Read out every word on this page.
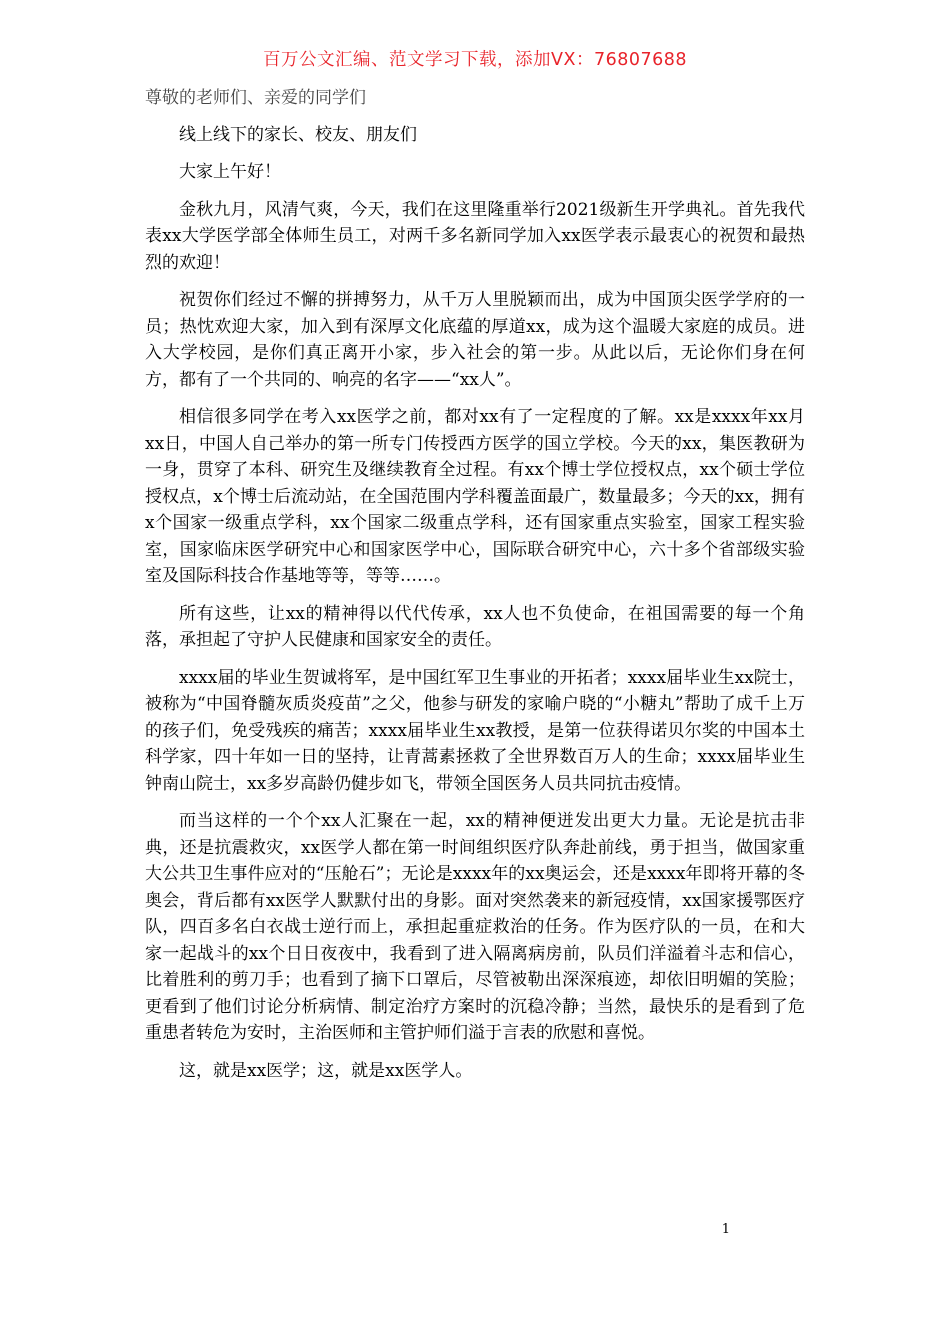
百万公文汇编、范文学习下载，添加VX：76807688

尊敬的老师们、亲爱的同学们

线上线下的家长、校友、朋友们

大家上午好！

金秋九月，风清气爽，今天，我们在这里隆重举行2021级新生开学典礼。首先我代表xx大学医学部全体师生员工，对两千多名新同学加入xx医学表示最衷心的祝贺和最热烈的欢迎！

祝贺你们经过不懈的拼搏努力，从千万人里脱颖而出，成为中国顶尖医学学府的一员；热忱欢迎大家，加入到有深厚文化底蕴的厚道xx，成为这个温暖大家庭的成员。进入大学校园，是你们真正离开小家，步入社会的第一步。从此以后，无论你们身在何方，都有了一个共同的、响亮的名字——“xx人”。

相信很多同学在考入xx医学之前，都对xx有了一定程度的了解。xx是xxxx年xx月xx日，中国人自己举办的第一所专门传授西方医学的国立学校。今天的xx，集医教研为一身，贯穿了本科、研究生及继续教育全过程。有xx个博士学位授权点，xx个硕士学位授权点，x个博士后流动站，在全国范围内学科覆盖面最广，数量最多；今天的xx，拥有x个国家一级重点学科，xx个国家二级重点学科，还有国家重点实验室，国家工程实验室，国家临床医学研究中心和国家医学中心，国际联合研究中心，六十多个省部级实验室及国际科技合作基地等等，等等……。

所有这些，让xx的精神得以代代传承，xx人也不负使命，在祖国需要的每一个角落，承担起了守护人民健康和国家安全的责任。

xxxx届的毕业生贺诚将军，是中国红军卫生事业的开拓者；xxxx届毕业生xx院士，被称为“中国脊髓灰质炎疫苗”之父，他参与研发的家喻户晓的“小糖丸”帮助了成千上万的孩子们，免受残疾的痛苦；xxxx届毕业生xx教授，是第一位获得诺贝尔奖的中国本土科学家，四十年如一日的坚持，让青蒿素拯救了全世界数百万人的生命；xxxx届毕业生钟南山院士，xx多岁高龄仍健步如飞，带领全国医务人员共同抗击疫情。

而当这样的一个个xx人汇聚在一起，xx的精神便迸发出更大力量。无论是抗击非典，还是抗震救灾，xx医学人都在第一时间组织医疗队奔赴前线，勇于担当，做国家重大公共卫生事件应对的“压舱石”；无论是xxxx年的xx奥运会，还是xxxx年即将开幕的冬奥会，背后都有xx医学人默默付出的身影。面对突然袭来的新冠疫情，xx国家援鄂医疗队，四百多名白衣战士逆行而上，承担起重症救治的任务。作为医疗队的一员，在和大家一起战斗的xx个日日夜夜中，我看到了进入隔离病房前，队员们洋溢着斗志和信心，比着胜利的剪刀手；也看到了摘下口罩后，尽管被勒出深深痕迹，却依旧明媚的笑脸；更看到了他们讨论分析病情、制定治疗方案时的沉稳冷静；当然，最快乐的是看到了危重患者转危为安时，主治医师和主管护师们溢于言表的欣慰和喜悦。

这，就是xx医学；这，就是xx医学人。

1
